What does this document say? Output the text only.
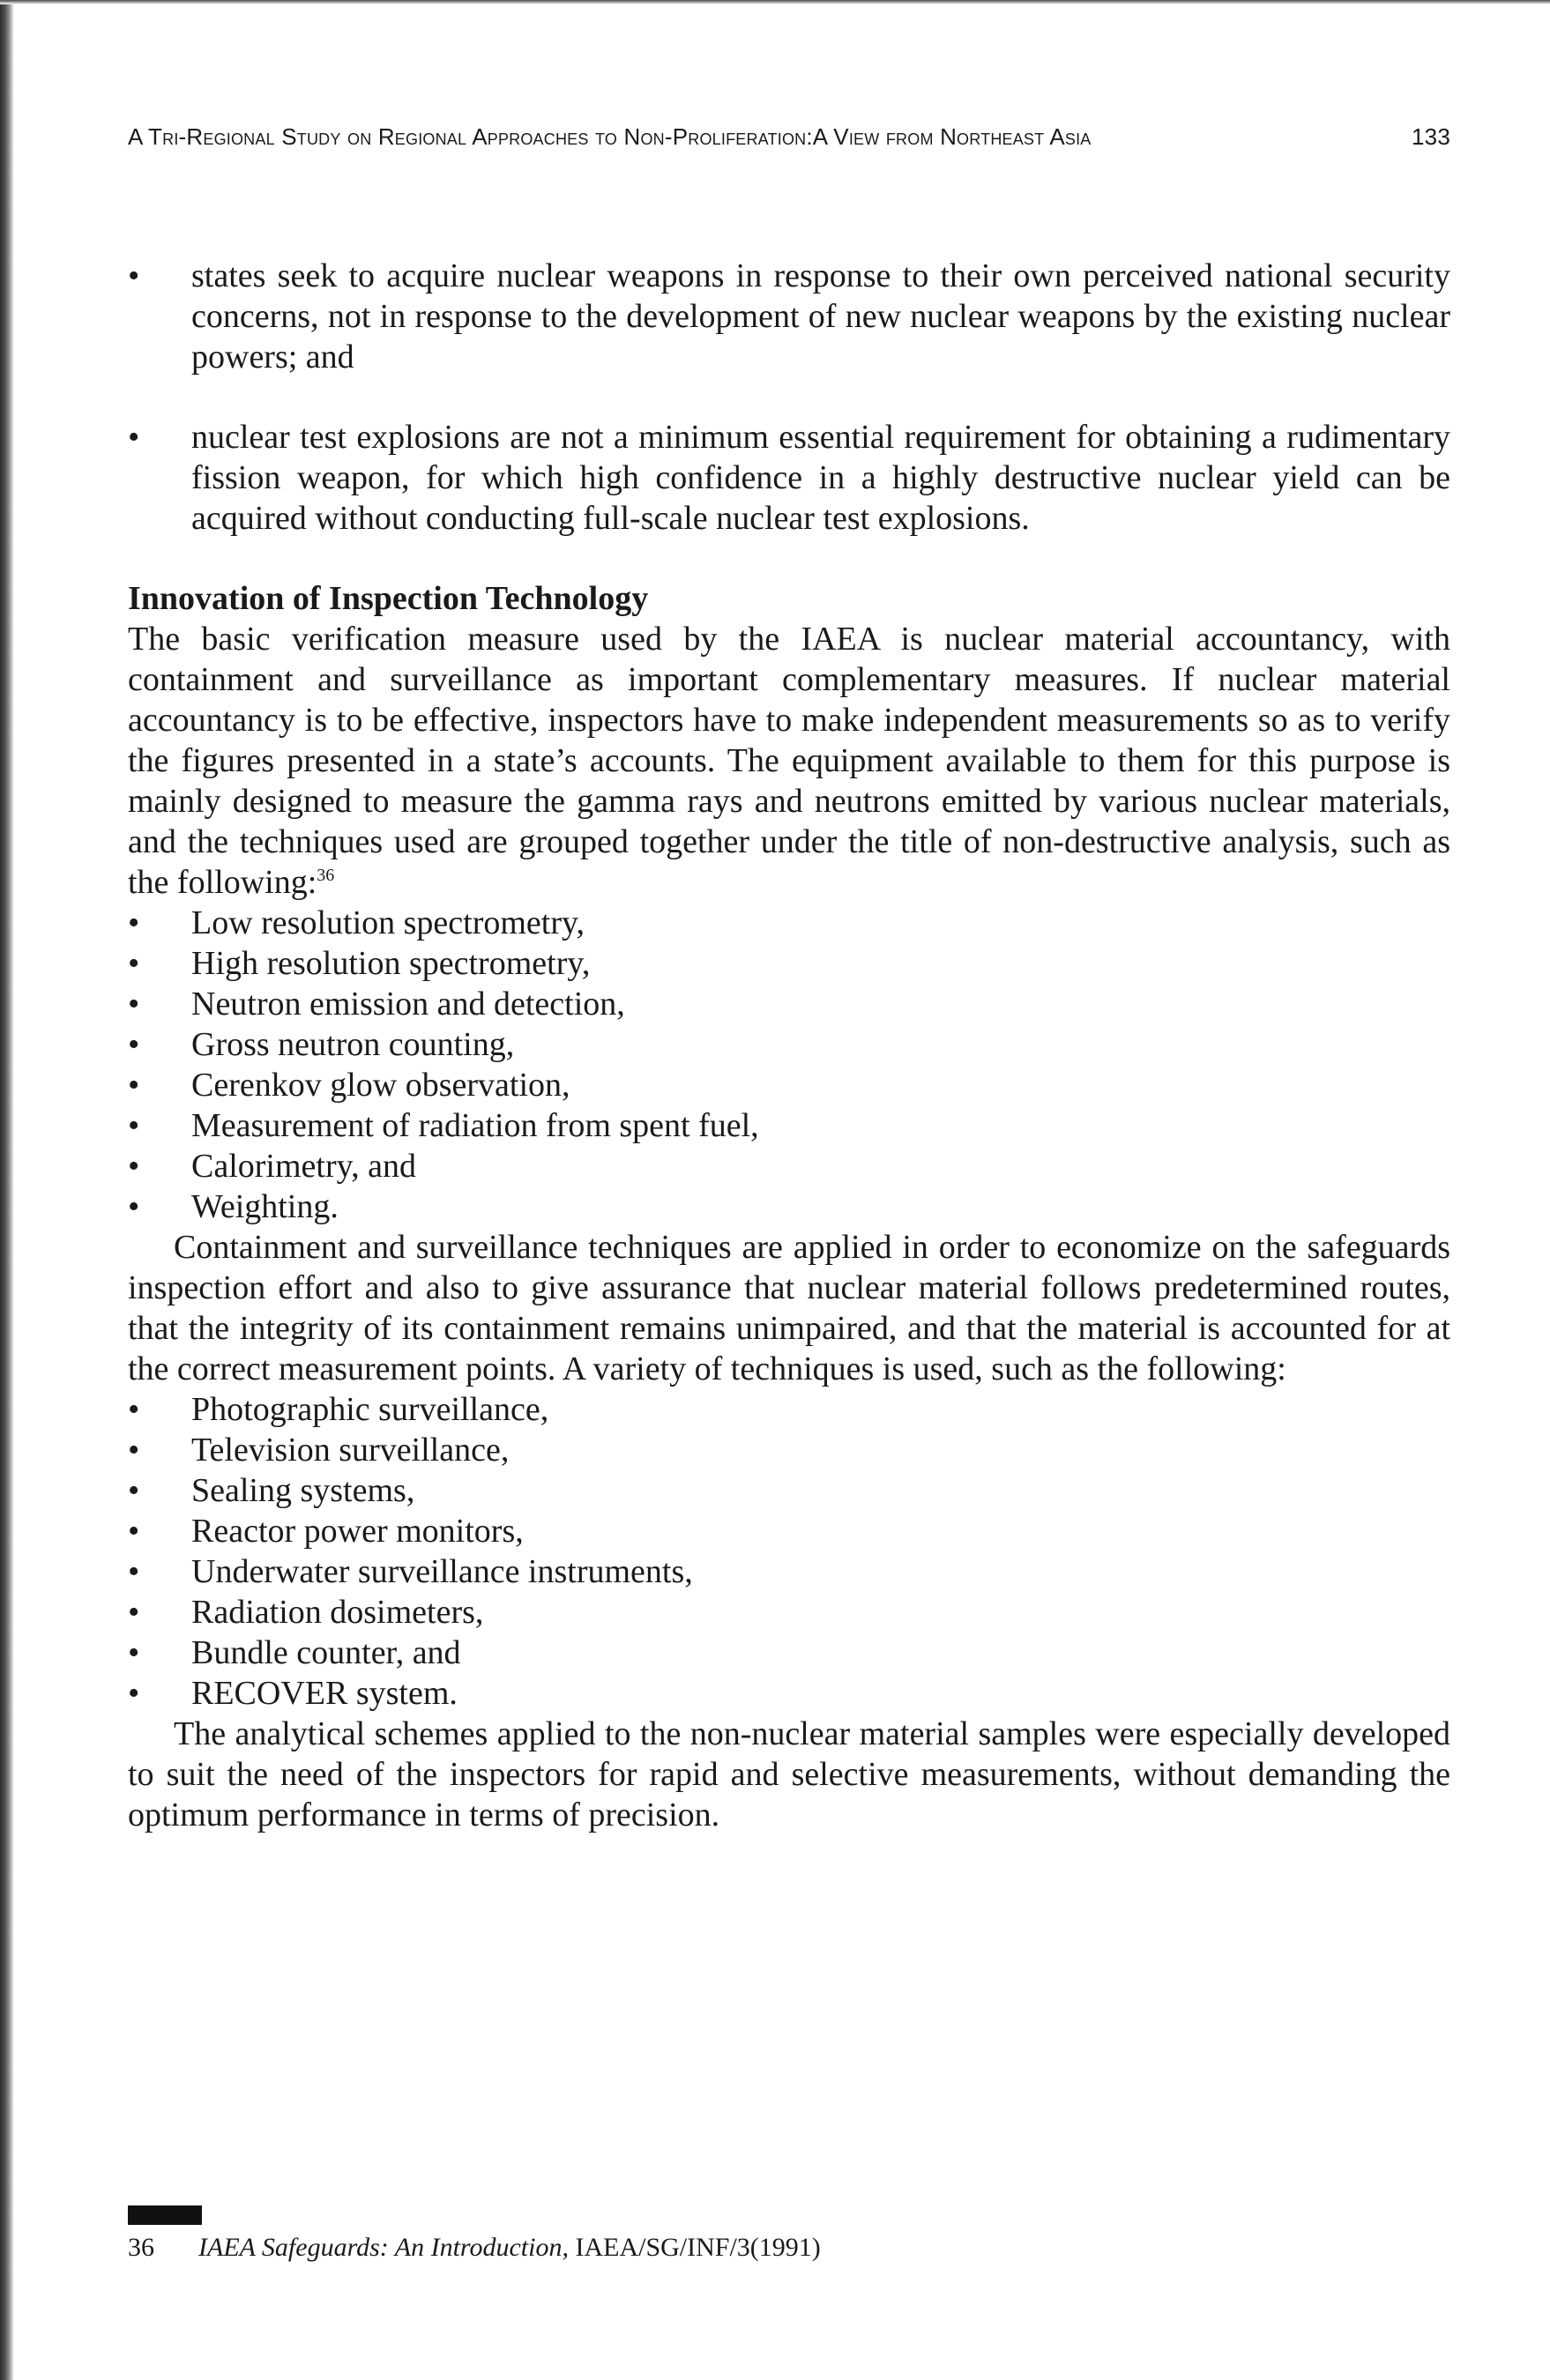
A Tri-Regional Study on Regional Approaches to Non-Proliferation:A View from Northeast Asia	133
• states seek to acquire nuclear weapons in response to their own perceived national security concerns, not in response to the development of new nuclear weapons by the existing nuclear powers; and
• nuclear test explosions are not a minimum essential requirement for obtaining a rudimentary fission weapon, for which high confidence in a highly destructive nuclear yield can be acquired without conducting full-scale nuclear test explosions.
Innovation of Inspection Technology

The basic verification measure used by the IAEA is nuclear material accountancy, with containment and surveillance as important complementary measures. If nuclear material accountancy is to be effective, inspectors have to make independent measurements so as to verify the figures presented in a state’s accounts. The equipment available to them for this purpose is mainly designed to measure the gamma rays and neutrons emitted by various nuclear materials, and the techniques used are grouped together under the title of non-destructive analysis, such as the following:$^{36}$

• Low resolution spectrometry,
• High resolution spectrometry,
• Neutron emission and detection,
• Gross neutron counting,
• Cerenkov glow observation,
• Measurement of radiation from spent fuel,
• Calorimetry, and
• Weighting.

Containment and surveillance techniques are applied in order to economize on the safeguards inspection effort and also to give assurance that nuclear material follows predetermined routes, that the integrity of its containment remains unimpaired, and that the material is accounted for at the correct measurement points. A variety of techniques is used, such as the following:

• Photographic surveillance,
• Television surveillance,
• Sealing systems,
• Reactor power monitors,
• Underwater surveillance instruments,
• Radiation dosimeters,
• Bundle counter, and
• RECOVER system.

The analytical schemes applied to the non-nuclear material samples were especially developed to suit the need of the inspectors for rapid and selective measurements, without demanding the optimum performance in terms of precision.

36 IAEA Safeguards: An Introduction, IAEA/SG/INF/3(1991)
